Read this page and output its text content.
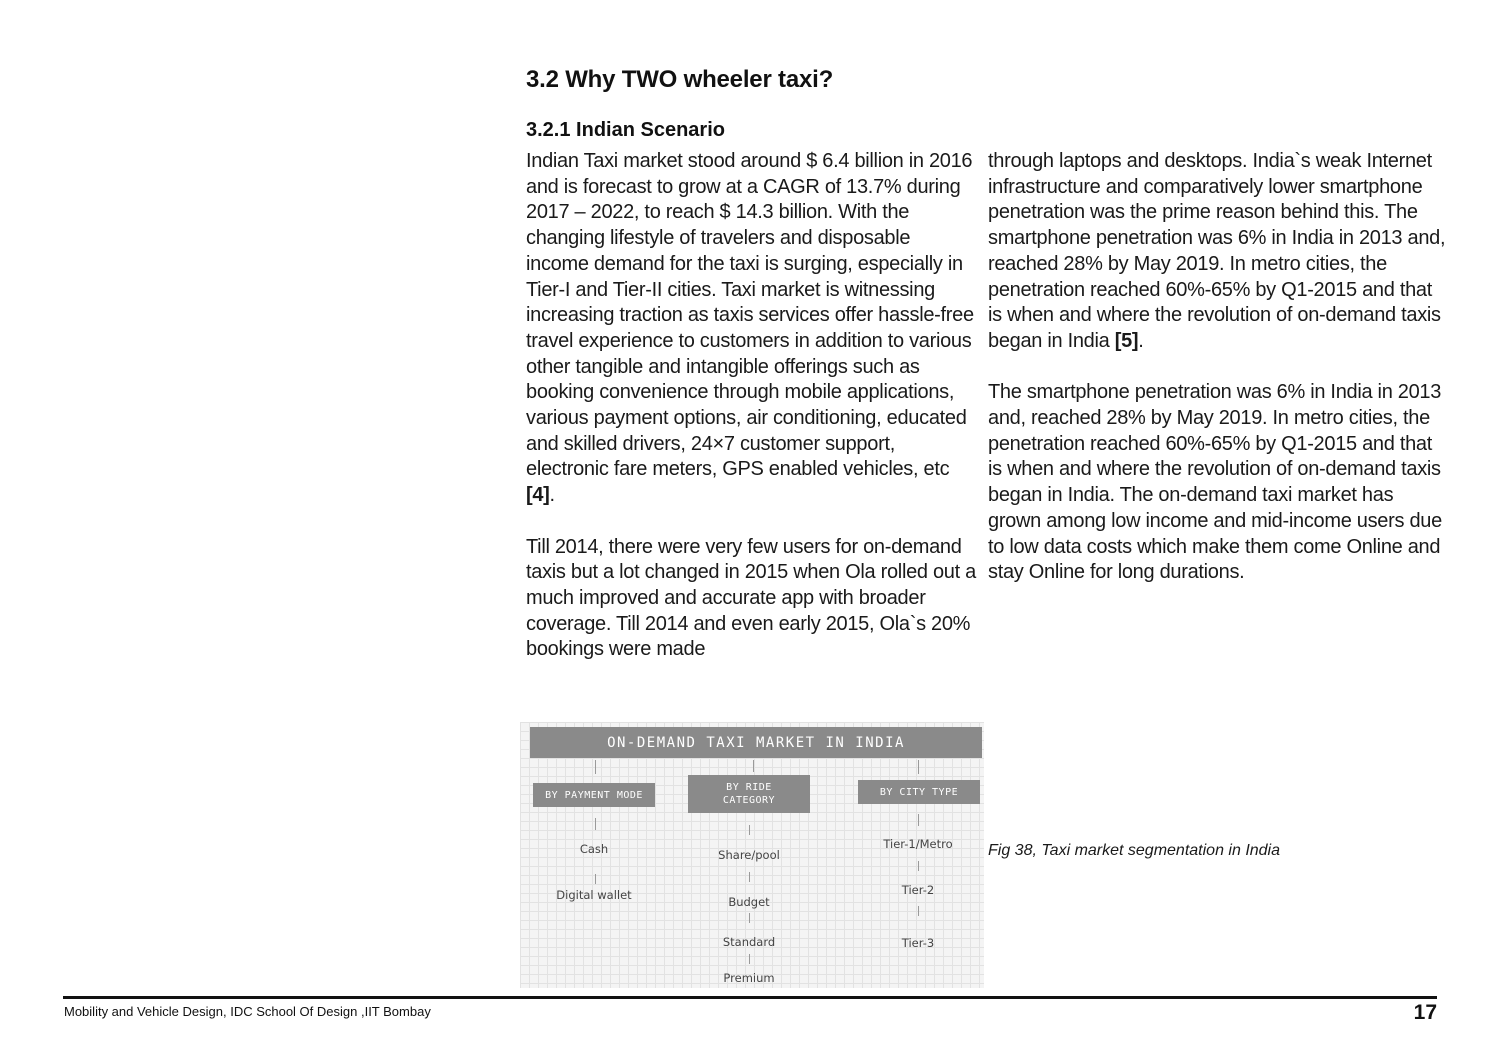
3.2 Why TWO wheeler taxi?
3.2.1 Indian Scenario

Indian Taxi market stood around $ 6.4 billion in 2016 and is forecast to grow at a CAGR of 13.7% during 2017 – 2022, to reach $ 14.3 billion. With the changing lifestyle of travelers and disposable income demand for the taxi is surging, especially in Tier-I and Tier-II cities. Taxi market is witnessing increasing traction as taxis services offer hassle-free travel experience to customers in addition to various other tangible and intangible offerings such as booking convenience through mobile applications, various payment options, air conditioning, educated and skilled drivers, 24×7 customer support, electronic fare meters, GPS enabled vehicles, etc [4].

Till 2014, there were very few users for on-demand taxis but a lot changed in 2015 when Ola rolled out a much improved and accurate app with broader coverage. Till 2014 and even early 2015, Ola`s 20% bookings were made

through laptops and desktops. India`s weak Internet infrastructure and comparatively lower smartphone penetration was the prime reason behind this. The smartphone penetration was 6% in India in 2013 and, reached 28% by May 2019. In metro cities, the penetration reached 60%-65% by Q1-2015 and that is when and where the revolution of on-demand taxis began in India [5].

The smartphone penetration was 6% in India in 2013 and, reached 28% by May 2019. In metro cities, the penetration reached 60%-65% by Q1-2015 and that is when and where the revolution of on-demand taxis began in India. The on-demand taxi market has grown among low income and mid-income users due to low data costs which make them come Online and stay Online for long durations.

ON-DEMAND TAXI MARKET IN INDIA
BY PAYMENT MODE
BY RIDE CATEGORY
BY CITY TYPE
Cash
Digital wallet
Share/pool
Budget
Standard
Premium
Tier-1/Metro
Tier-2
Tier-3

Fig 38, Taxi market segmentation in India

Mobility and Vehicle Design, IDC School Of Design ,IIT Bombay	17
